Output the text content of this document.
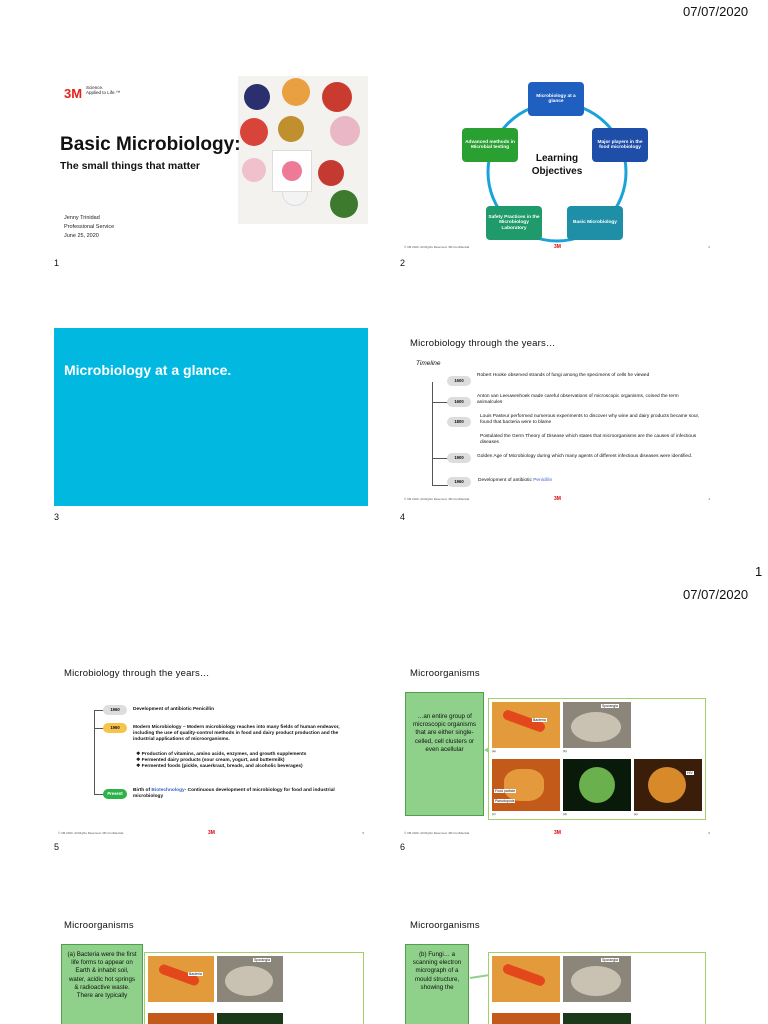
07/07/2020
3M Science.
Applied to Life.™
Basic Microbiology:
The small things that matter
Jenny Trinidad
Professional Service
June 25, 2020
1
Microbiology at a glance
Major players in the food microbiology
Basic Microbiology
Safety Practices in the Microbiology Laboratory
Advanced methods in Microbial testing
Learning
Objectives
© 3M 2020. All Rights Reserved. 3M Confidential.	3M	2
2
Microbiology at a glance.
3
Microbiology through the years…
Timeline
1600
Robert Hooke observed strands of fungi among the specimens of cells he viewed
1600
Anton van Leeuwenhoek made careful observations of microscopic organisms, coined the term animalcules
1800
Louis Pasteur performed numerous experiments to discover why wine and dairy products became sour, found that bacteria were to blame
Postulated the Germ Theory of Disease which states that microorganisms are the causes of infectious diseases
1900	Golden Age of Microbiology during which many agents of different infectious diseases were identified.
1960	Development of antibiotic Penicillin
© 3M 2020. All Rights Reserved. 3M Confidential.	3M	4
4
1
07/07/2020
Microbiology through the years…
1960	Development of antibiotic Penicillin
1960	Modern Microbiology – Modern microbiology reaches into many fields of human endeavor, including the use of quality-control methods in food and dairy product production and the industrial applications of microorganisms.
❖ Production of vitamins, amino acids, enzymes, and growth supplements
❖ Fermented dairy products (sour cream, yogurt, and buttermilk)
❖ Fermented foods (pickle, sauerkraut, breads, and alcoholic beverages)
Present
Birth of Biotechnology- Continuous development of microbiology for food and industrial microbiology
© 3M 2020. All Rights Reserved. 3M Confidential.	3M	5
5
Microorganisms
…an entire group of microscopic organisms that are either single-celled, cell clusters or even acellular
Bacteria
Sporangia
(a)	(b)
Food particle
Pseudopods
HIV
(c)	(d)	(e)
© 3M 2020. All Rights Reserved. 3M Confidential.	3M	6
6
Microorganisms
(a) Bacteria were the first life forms to appear on Earth & inhabit soil, water, acidic hot springs & radioactive waste. There are typically
Bacteria
Sporangia
Microorganisms
(b) Fungi… a scanning electron micrograph of a mould structure, showing the
Sporangia
